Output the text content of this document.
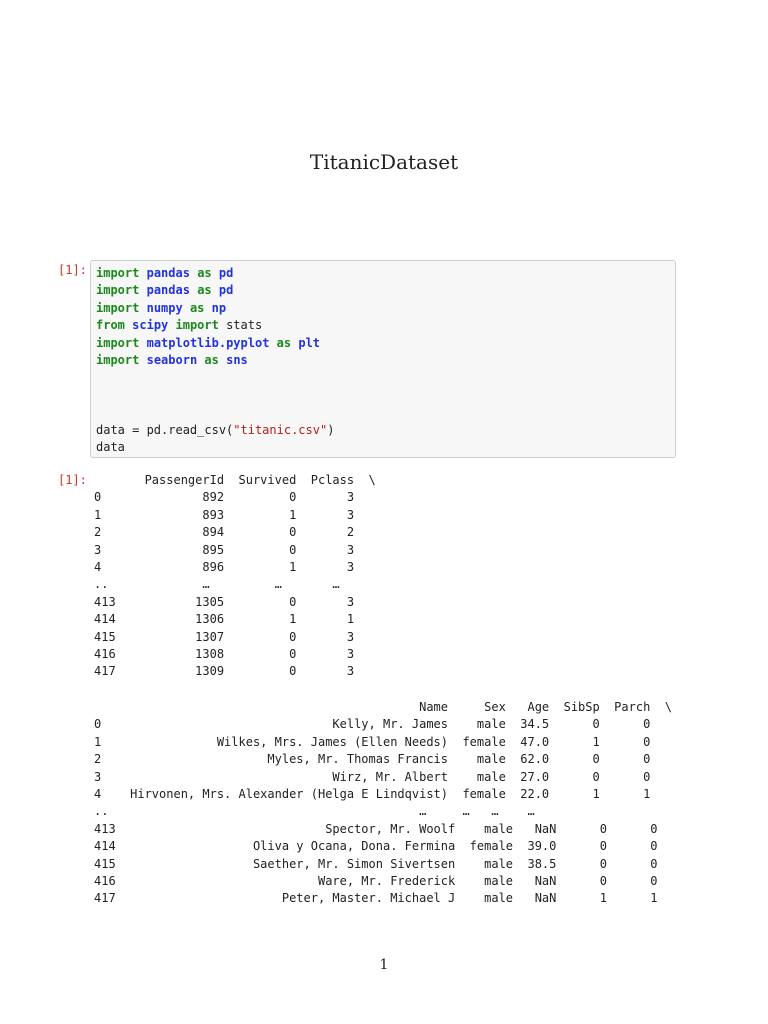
TitanicDataset
[1]: import pandas as pd
import pandas as pd
import numpy as np
from scipy import stats
import matplotlib.pyplot as plt
import seaborn as sns
data = pd.read_csv("titanic.csv")
data
[1]: PassengerId  Survived  Pclass  \
0              892         0       3
1              893         1       3
2              894         0       2
3              895         0       3
4              896         1       3
..             …         …       …
413           1305         0       3
414           1306         1       1
415           1307         0       3
416           1308         0       3
417           1309         0       3
Name     Sex   Age  SibSp  Parch  \
0                                Kelly, Mr. James    male  34.5      0      0
1                Wilkes, Mrs. James (Ellen Needs)  female  47.0      1      0
2                       Myles, Mr. Thomas Francis    male  62.0      0      0
3                                Wirz, Mr. Albert    male  27.0      0      0
4    Hirvonen, Mrs. Alexander (Helga E Lindqvist)  female  22.0      1      1
..                                           …     …   …    …
413                             Spector, Mr. Woolf    male   NaN      0      0
414                   Oliva y Ocana, Dona. Fermina  female  39.0      0      0
415                   Saether, Mr. Simon Sivertsen    male  38.5      0      0
416                            Ware, Mr. Frederick    male   NaN      0      0
417                       Peter, Master. Michael J    male   NaN      1      1
1
